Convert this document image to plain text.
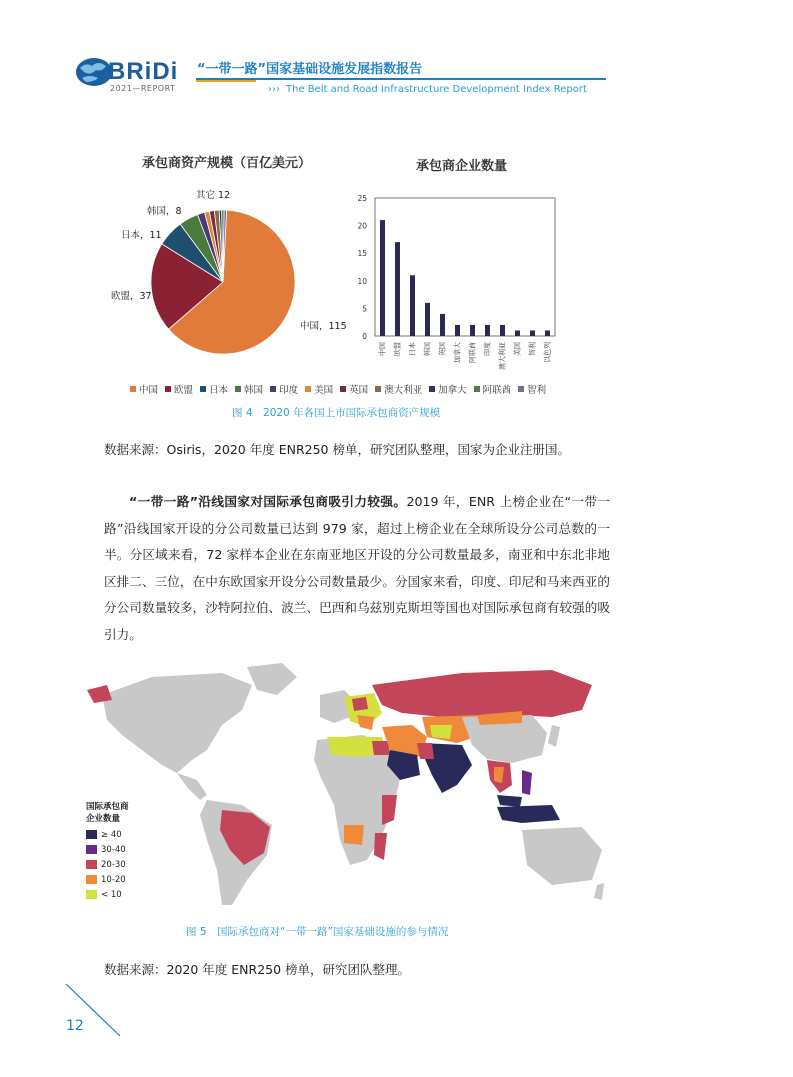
BRiDi
2021—REPORT
“一带一路”国家基础设施发展指数报告
››› The Belt and Road Infrastructure Development Index Report
承包商资产规模（百亿美元）
中国，115
欧盟，37
日本，11
韩国，8
其它 12
承包商企业数量
0
5
10
15
20
25
中国 欧盟 日本 韩国 英国 加拿大 阿联酋 印度 澳大利亚 美国 智利 以色列
中国 欧盟 日本 韩国 印度 美国 英国 澳大利亚 加拿大 阿联酋 智利
图 4　2020 年各国上市国际承包商资产规模
数据来源：Osiris，2020 年度 ENR250 榜单，研究团队整理，国家为企业注册国。
“一带一路”沿线国家对国际承包商吸引力较强。2019 年，ENR 上榜企业在“一带一路”沿线国家开设的分公司数量已达到 979 家，超过上榜企业在全球所设分公司总数的一半。分区域来看，72 家样本企业在东南亚地区开设的分公司数量最多，南亚和中东北非地区排二、三位，在中东欧国家开设分公司数量最少。分国家来看，印度、印尼和马来西亚的分公司数量较多，沙特阿拉伯、波兰、巴西和乌兹别克斯坦等国也对国际承包商有较强的吸引力。
国际承包商
企业数量
≥ 40
30-40
20-30
10-20
< 10
图 5　国际承包商对“一带一路”国家基础设施的参与情况
数据来源：2020 年度 ENR250 榜单，研究团队整理。
12
